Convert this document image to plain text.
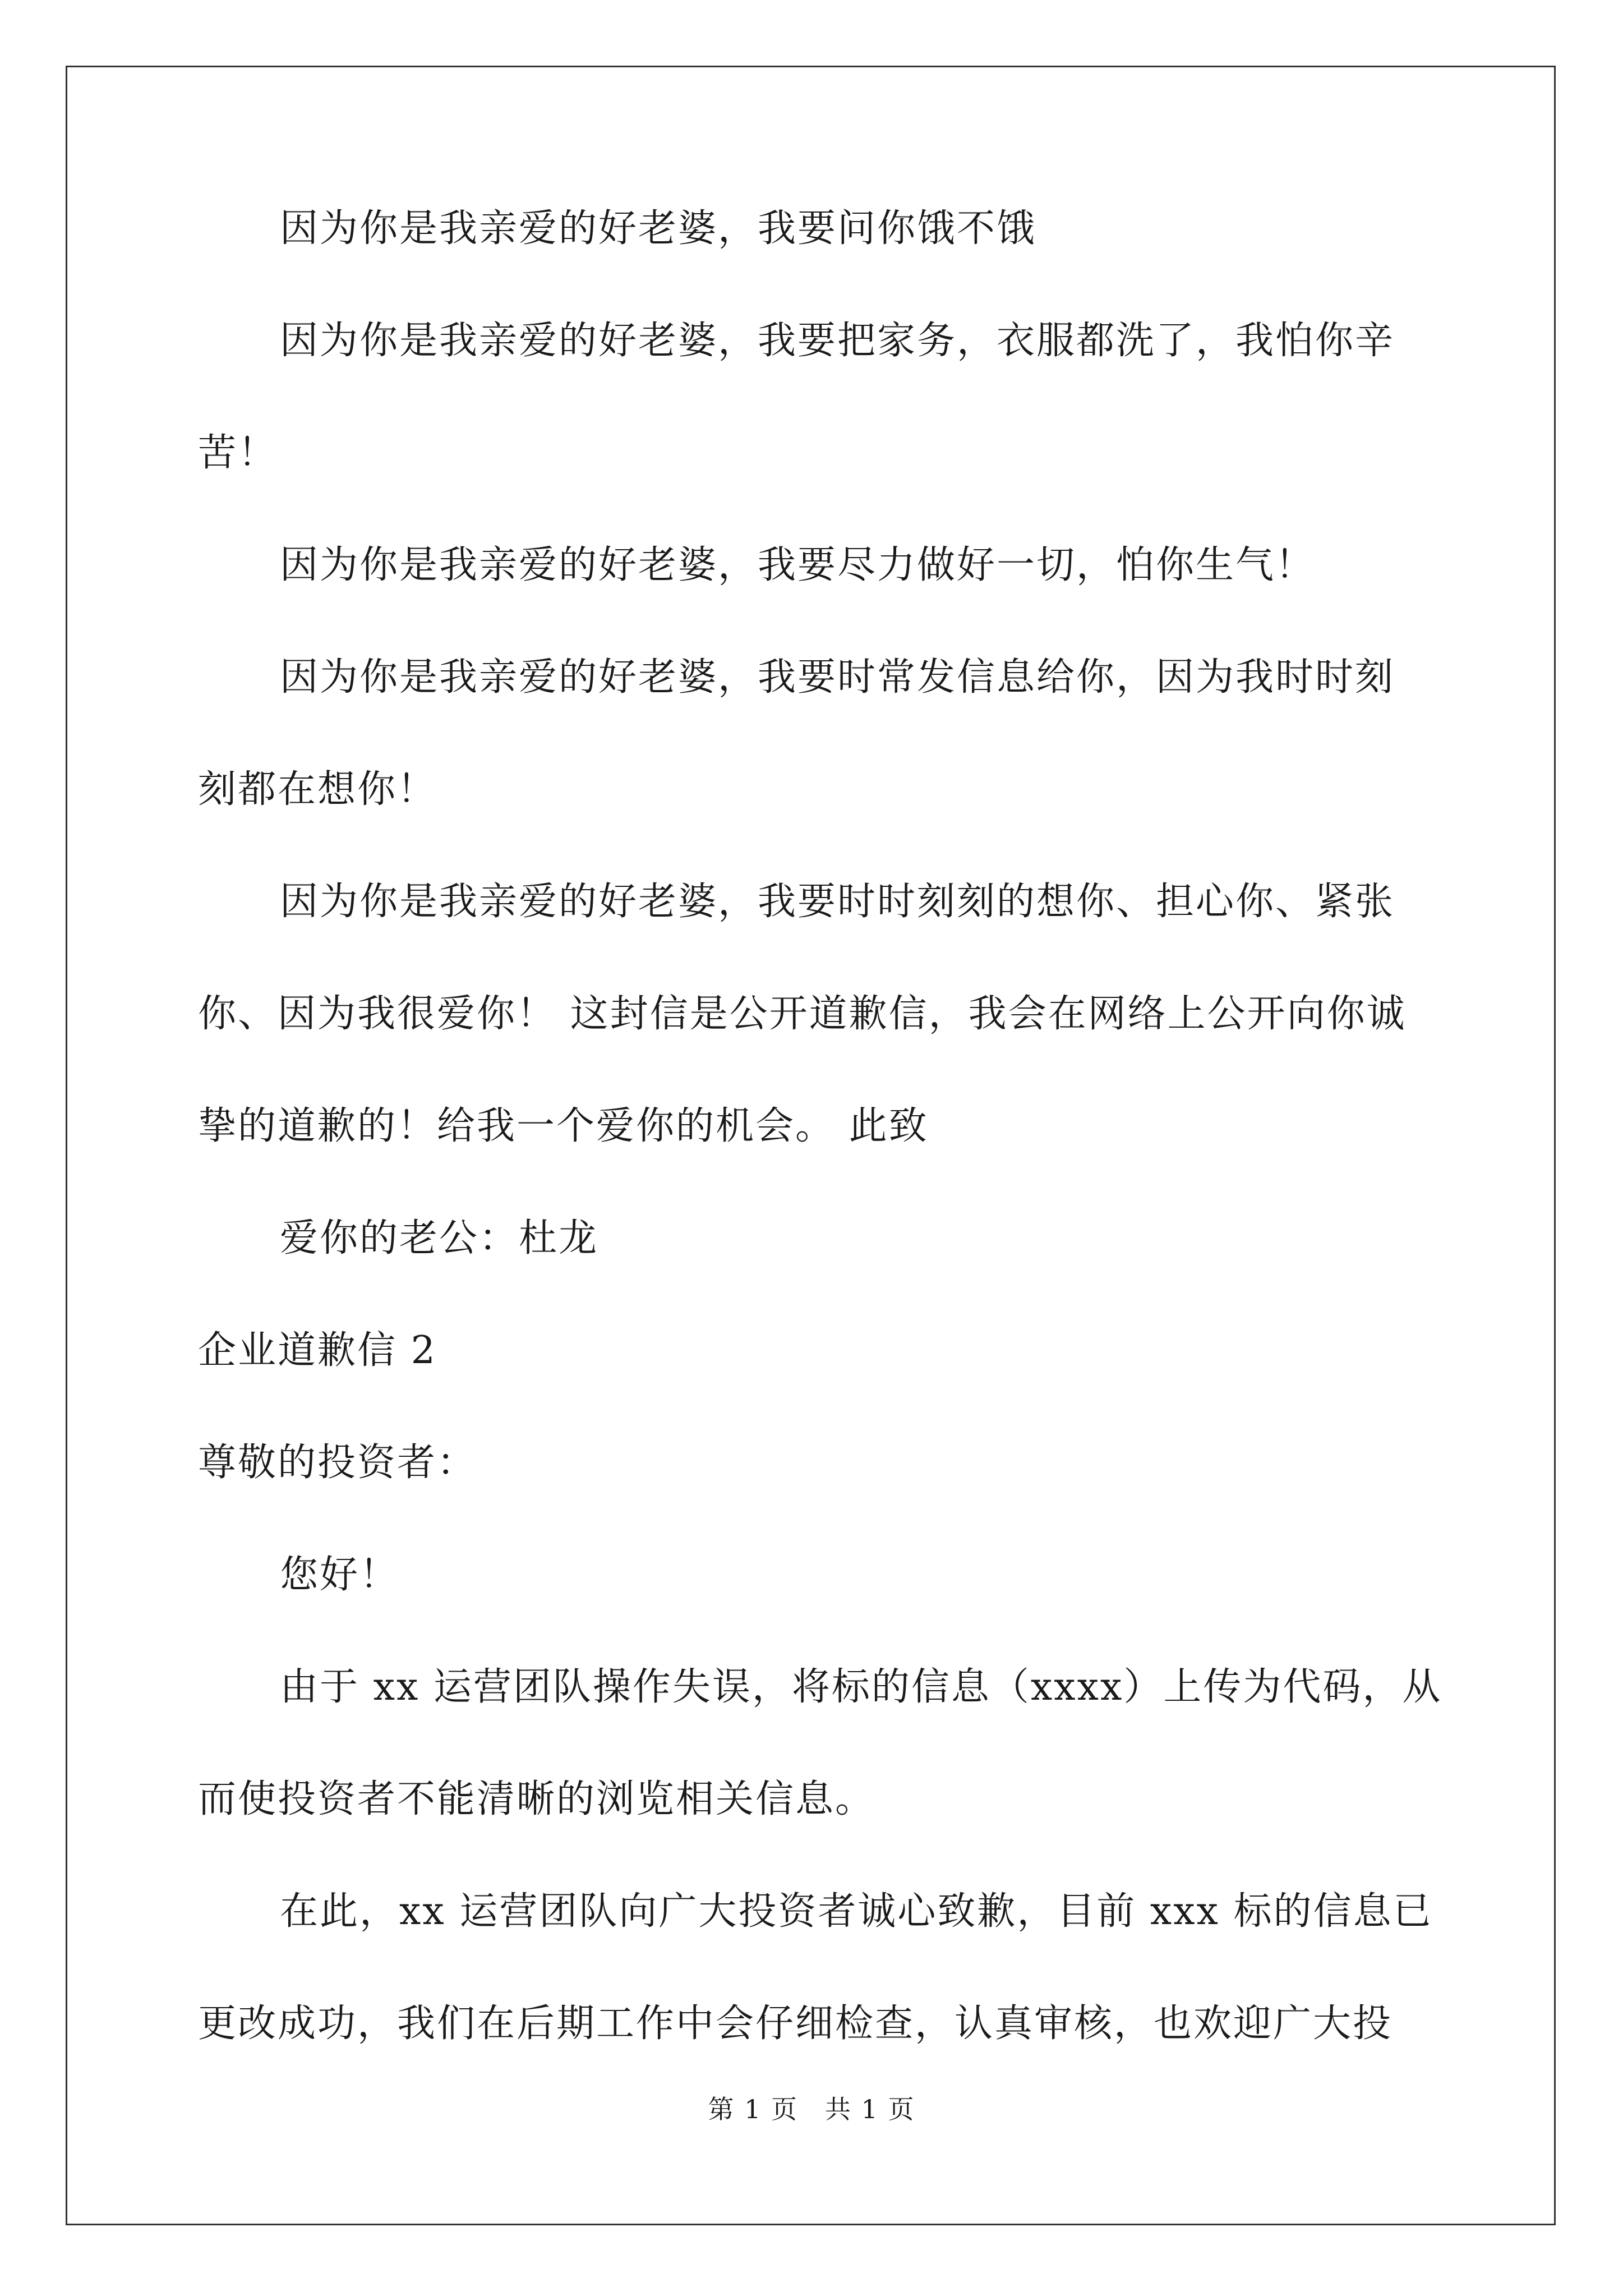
因为你是我亲爱的好老婆，我要问你饿不饿
因为你是我亲爱的好老婆，我要把家务，衣服都洗了，我怕你辛
苦！
因为你是我亲爱的好老婆，我要尽力做好一切，怕你生气！
因为你是我亲爱的好老婆，我要时常发信息给你，因为我时时刻
刻都在想你！
因为你是我亲爱的好老婆，我要时时刻刻的想你、担心你、紧张
你、因为我很爱你！ 这封信是公开道歉信，我会在网络上公开向你诚
挚的道歉的！给我一个爱你的机会。 此致
爱你的老公：杜龙
企业道歉信 2
尊敬的投资者：
您好！
由于 xx 运营团队操作失误，将标的信息（xxxx）上传为代码，从
而使投资者不能清晰的浏览相关信息。
在此，xx 运营团队向广大投资者诚心致歉，目前 xxx 标的信息已
更改成功，我们在后期工作中会仔细检查，认真审核，也欢迎广大投
第 1 页　共 1 页
